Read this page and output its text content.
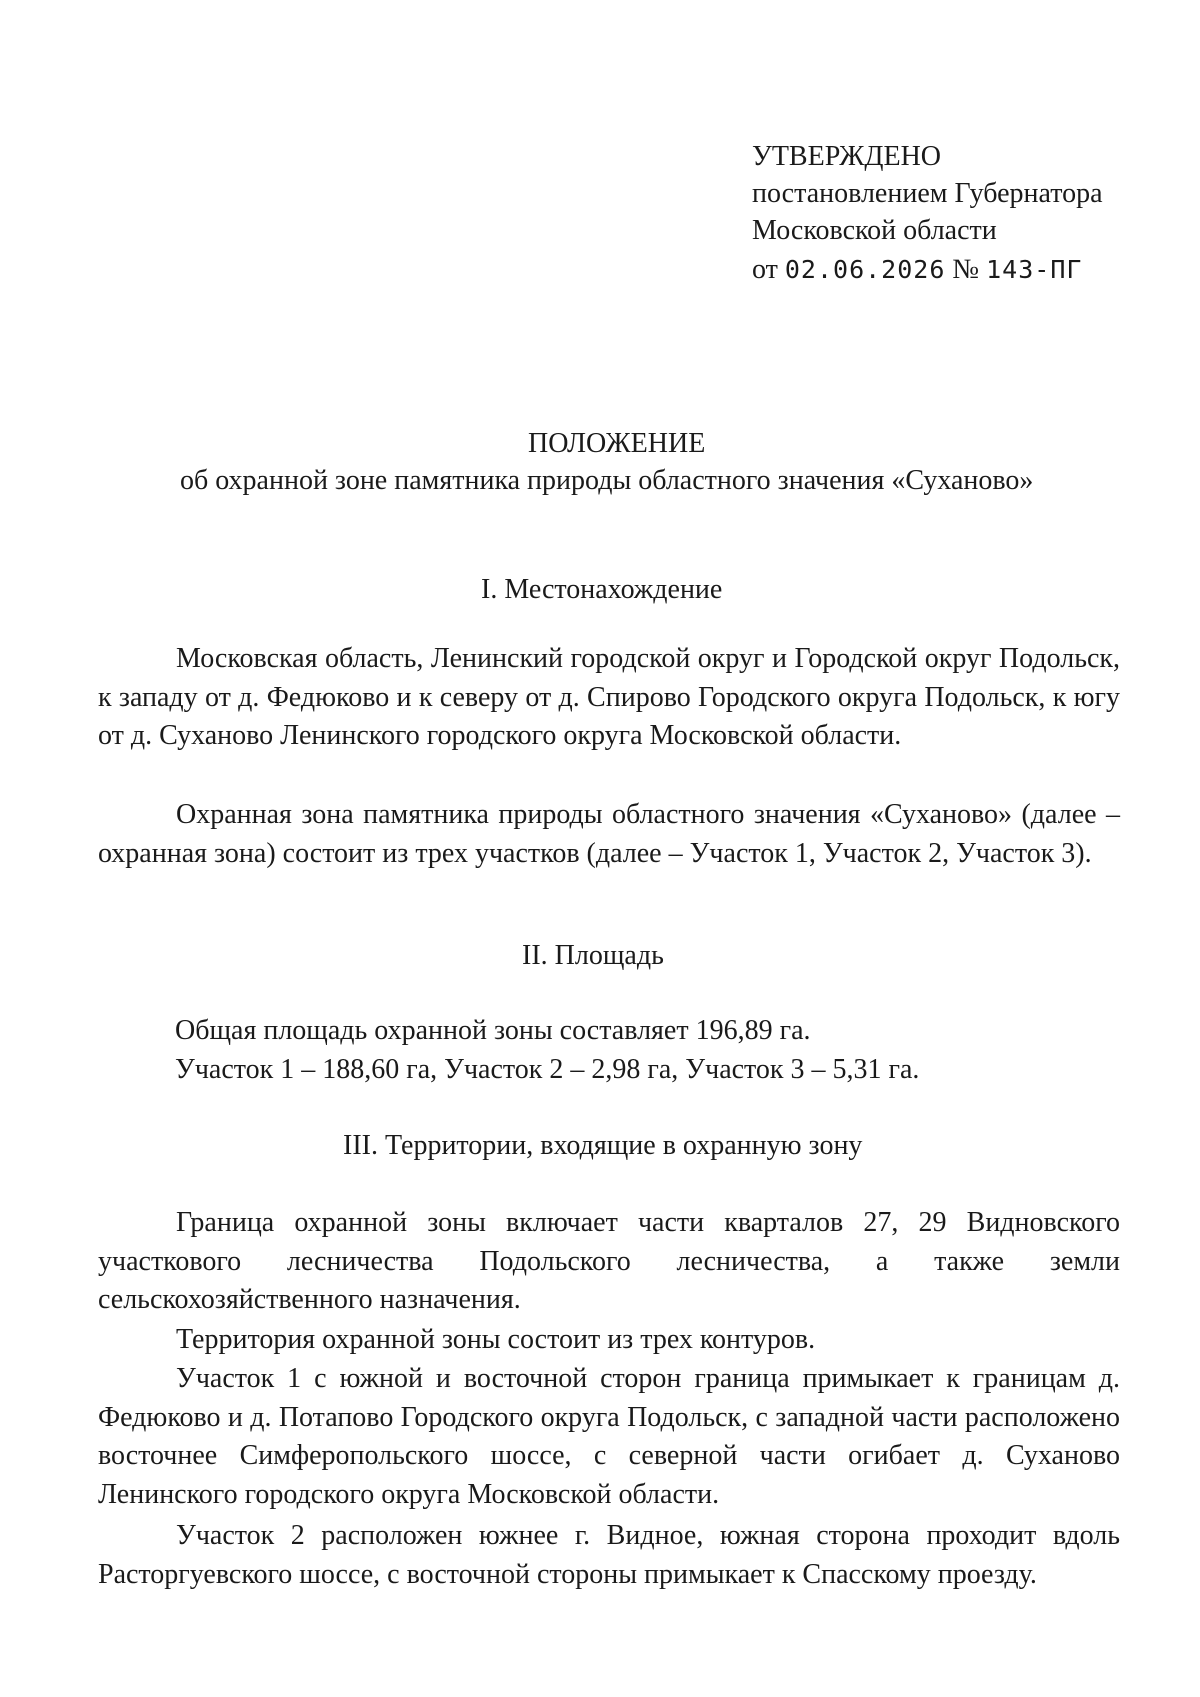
УТВЕРЖДЕНО
постановлением Губернатора
Московской области
от 02.06.2026 № 143-ПГ
ПОЛОЖЕНИЕ
об охранной зоне памятника природы областного значения «Суханово»
I. Местонахождение
Московская область, Ленинский городской округ и Городской округ Подольск, к западу от д. Федюково и к северу от д. Спирово Городского округа Подольск, к югу от д. Суханово Ленинского городского округа Московской области.
Охранная зона памятника природы областного значения «Суханово» (далее – охранная зона) состоит из трех участков (далее – Участок 1, Участок 2, Участок 3).
II. Площадь
Общая площадь охранной зоны составляет 196,89 га.
Участок 1 – 188,60 га, Участок 2 – 2,98 га, Участок 3 – 5,31 га.
III. Территории, входящие в охранную зону
Граница охранной зоны включает части кварталов 27, 29 Видновского участкового лесничества Подольского лесничества, а также земли сельскохозяйственного назначения.
Территория охранной зоны состоит из трех контуров.
Участок 1 с южной и восточной сторон граница примыкает к границам д. Федюково и д. Потапово Городского округа Подольск, с западной части расположено восточнее Симферопольского шоссе, с северной части огибает д. Суханово Ленинского городского округа Московской области.
Участок 2 расположен южнее г. Видное, южная сторона проходит вдоль Расторгуевского шоссе, с восточной стороны примыкает к Спасскому проезду.
